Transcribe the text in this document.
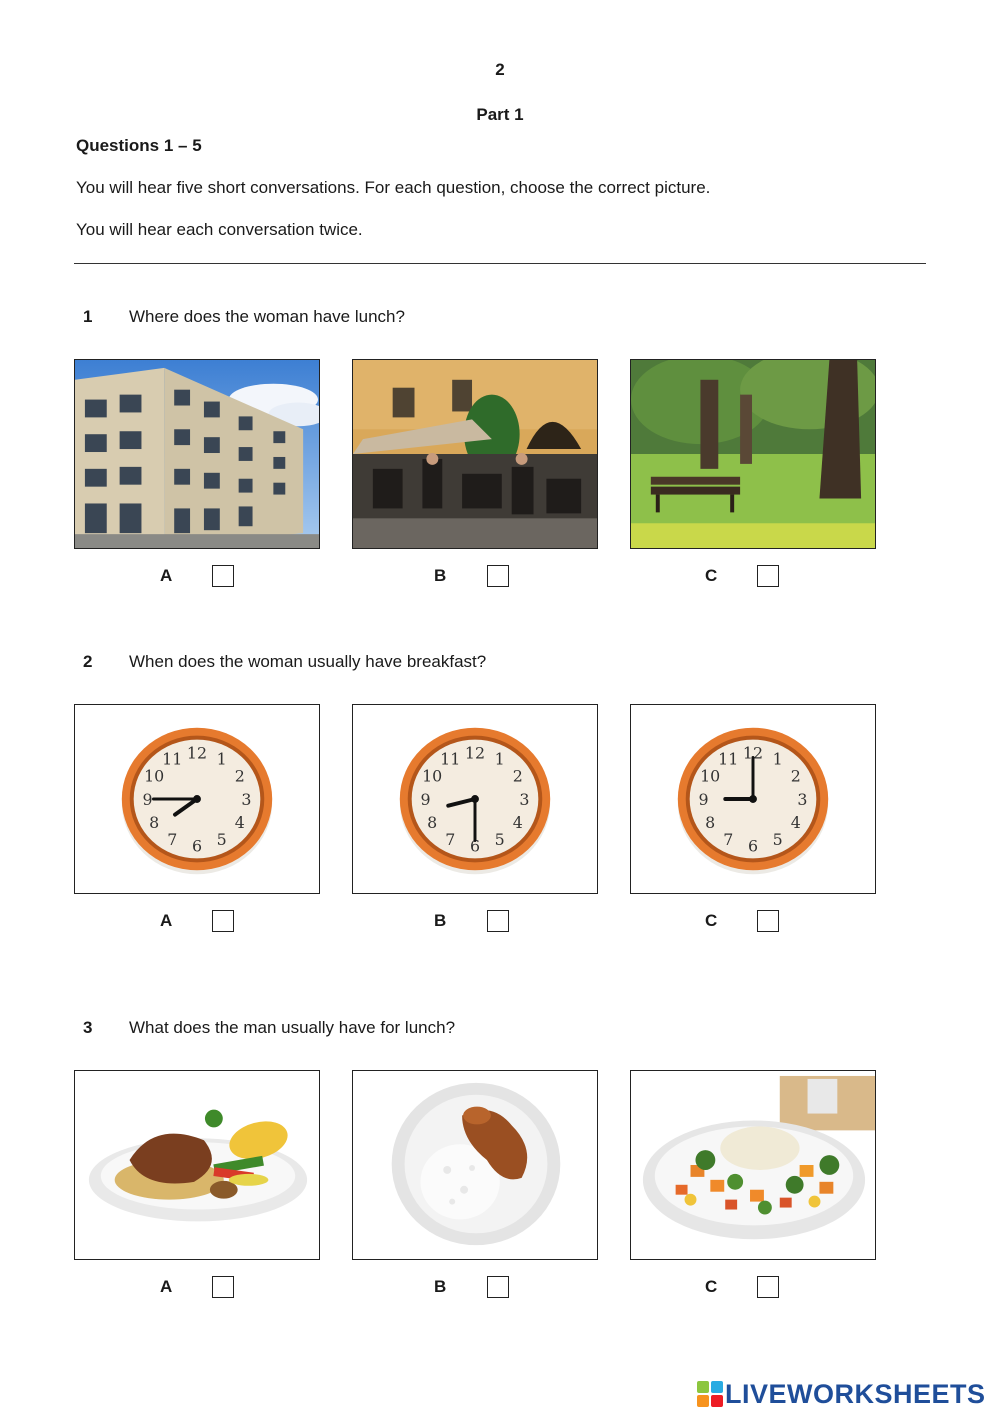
2
Part 1
Questions 1 – 5
You will hear five short conversations. For each question, choose the correct picture.
You will hear each conversation twice.
1 Where does the woman have lunch?
A	B	C
2 When does the woman usually have breakfast?
1
2
3
4
5
6
7
8
9
10
11 12	1
2
3
4
5
6
7
8
9
10
11 12	1
2
3
4
5
6
7
8
9
10
11 12
A	B	C
3 What does the man usually have for lunch?
A	B	C
LIVEWORKSHEETS
